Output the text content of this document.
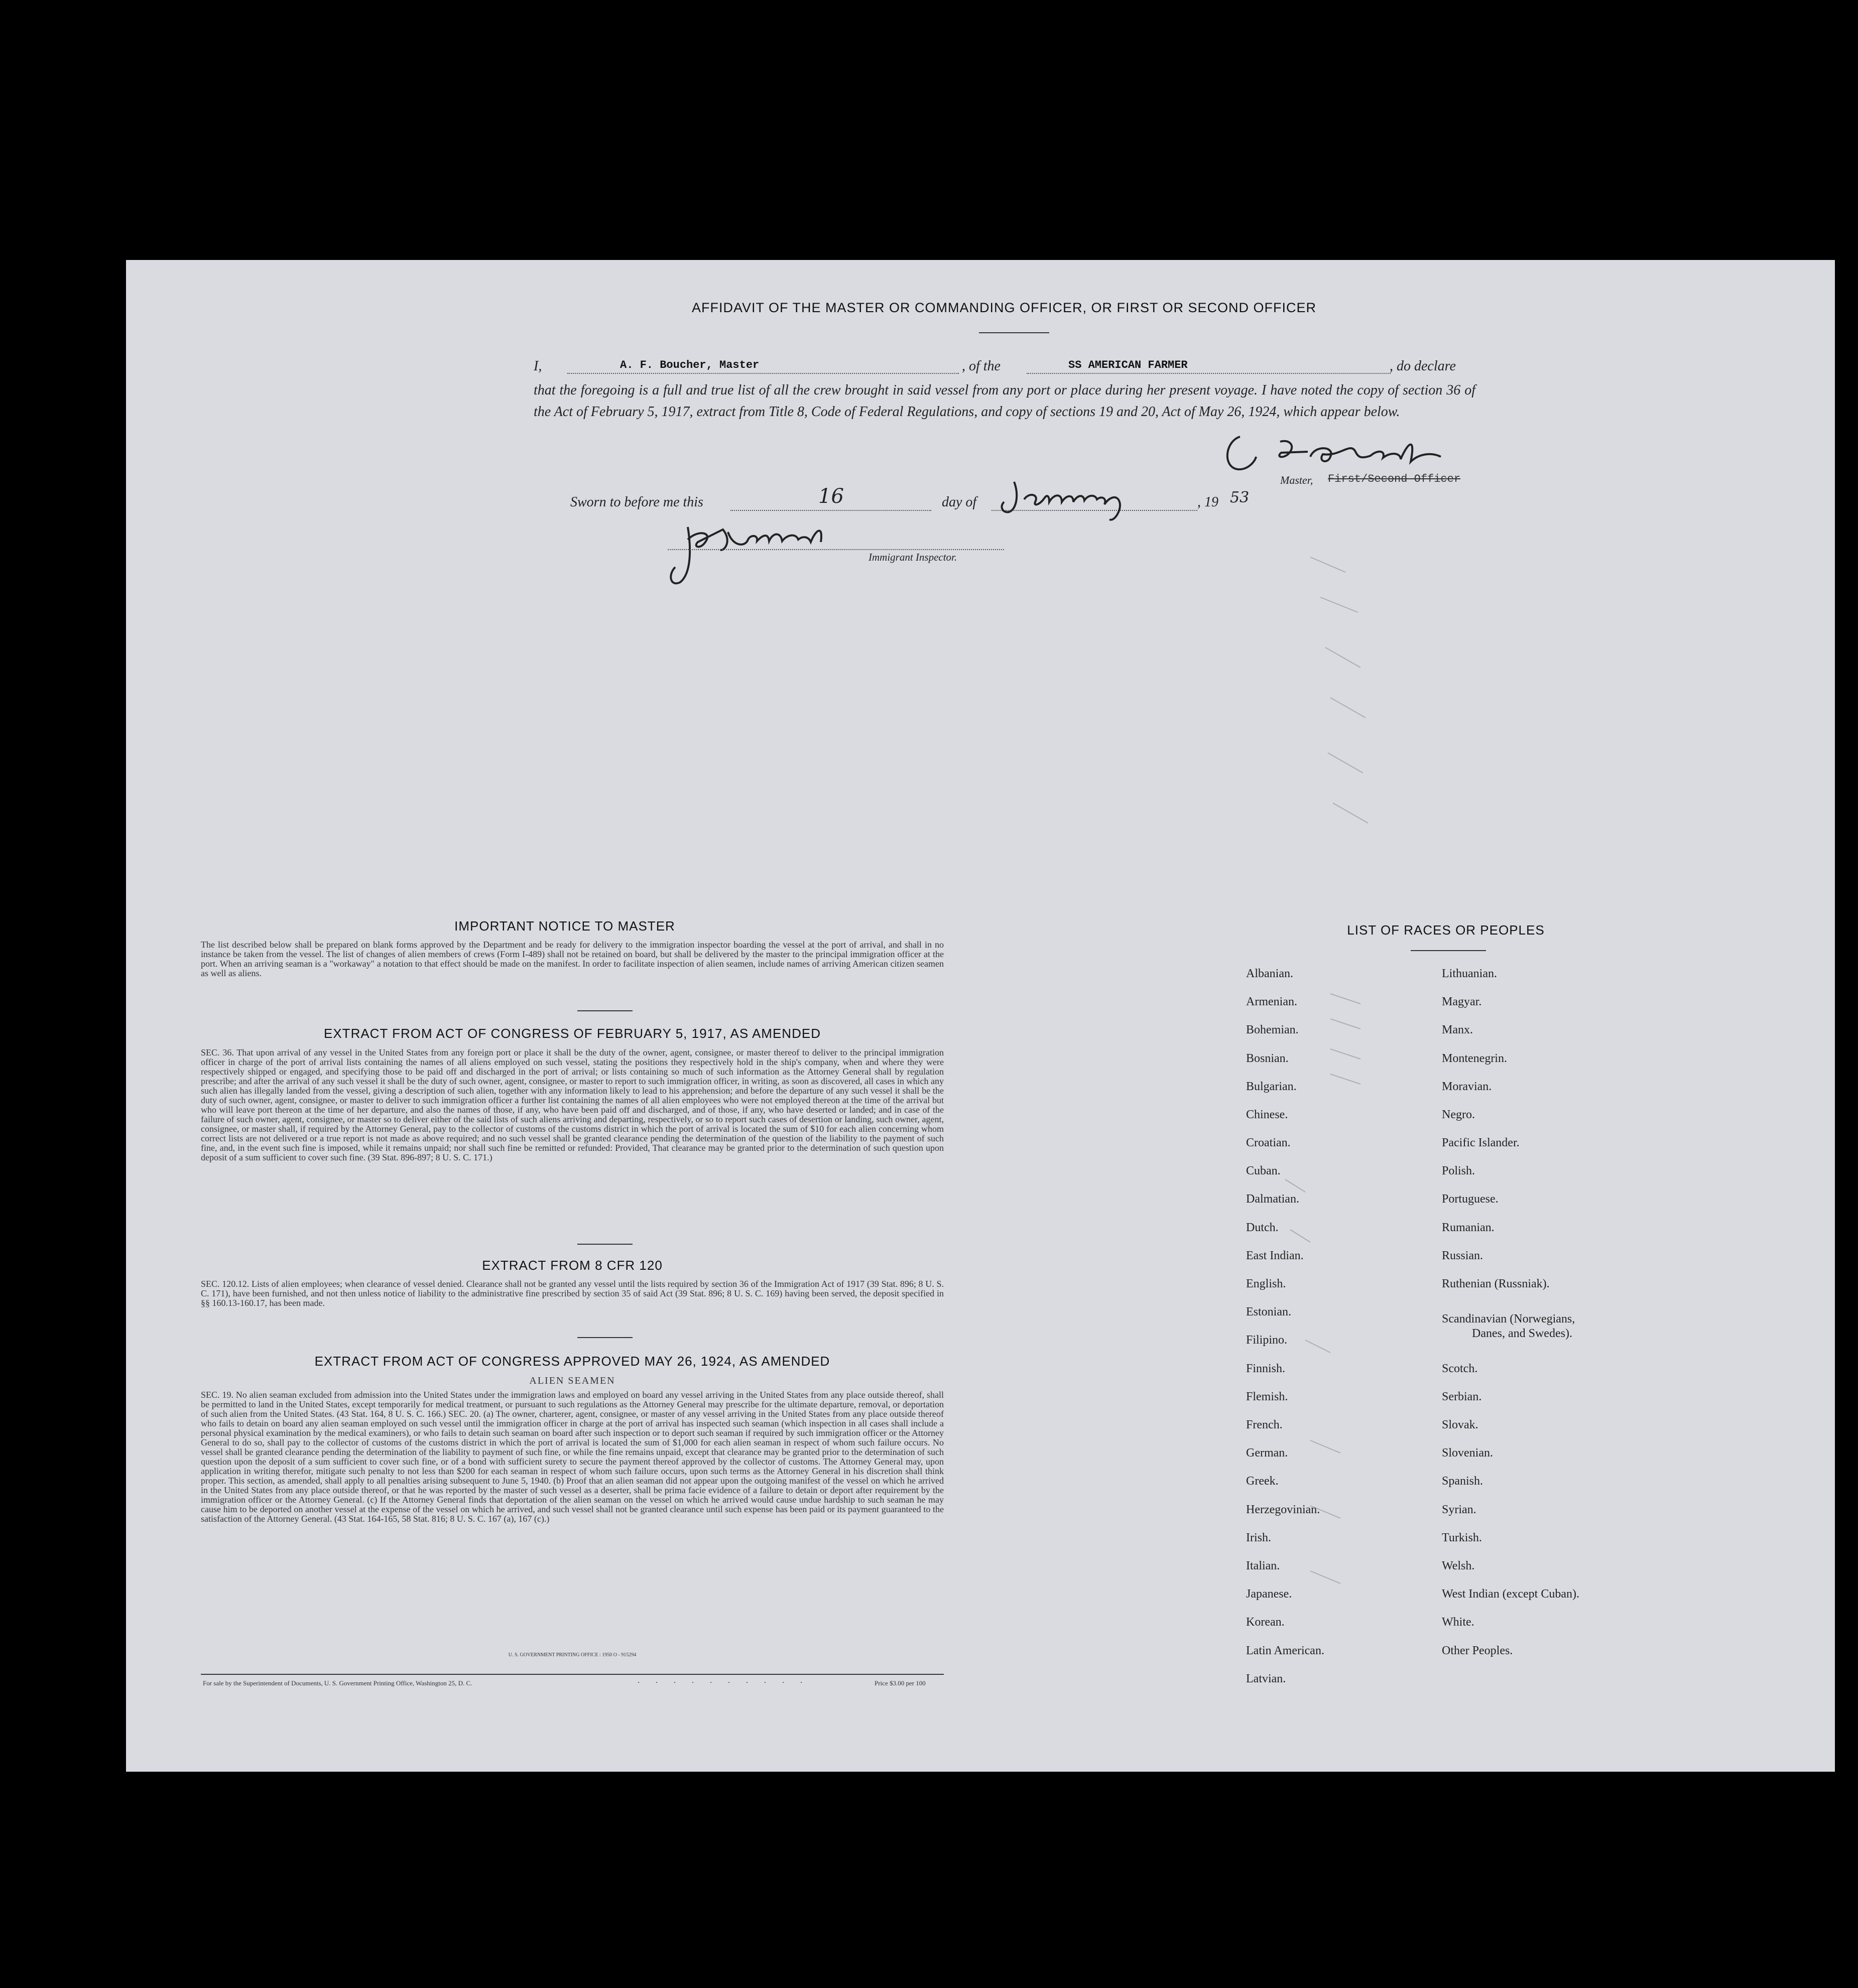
AFFIDAVIT OF THE MASTER OR COMMANDING OFFICER, OR FIRST OR SECOND OFFICER
I,	A. F. Boucher, Master	, of the	SS AMERICAN FARMER	, do declare
that the foregoing is a full and true list of all the crew brought in said vessel from any port or place during her present voyage. I have noted the copy of section 36 of the Act of February 5, 1917, extract from Title 8, Code of Federal Regulations, and copy of sections 19 and 20, Act of May 26, 1924, which appear below.
Master, First/Second Officer
Sworn to before me this	16	day of	, 19 53
Immigrant Inspector.
IMPORTANT NOTICE TO MASTER
The list described below shall be prepared on blank forms approved by the Department and be ready for delivery to the immigration inspector boarding the vessel at the port of arrival, and shall in no instance be taken from the vessel. The list of changes of alien members of crews (Form I-489) shall not be retained on board, but shall be delivered by the master to the principal immigration officer at the port. When an arriving seaman is a "workaway" a notation to that effect should be made on the manifest. In order to facilitate inspection of alien seamen, include names of arriving American citizen seamen as well as aliens.
EXTRACT FROM ACT OF CONGRESS OF FEBRUARY 5, 1917, AS AMENDED
SEC. 36. That upon arrival of any vessel in the United States from any foreign port or place it shall be the duty of the owner, agent, consignee, or master thereof to deliver to the principal immigration officer in charge of the port of arrival lists containing the names of all aliens employed on such vessel, stating the positions they respectively hold in the ship's company, when and where they were respectively shipped or engaged, and specifying those to be paid off and discharged in the port of arrival; or lists containing so much of such information as the Attorney General shall by regulation prescribe; and after the arrival of any such vessel it shall be the duty of such owner, agent, consignee, or master to report to such immigration officer, in writing, as soon as discovered, all cases in which any such alien has illegally landed from the vessel, giving a description of such alien, together with any information likely to lead to his apprehension; and before the departure of any such vessel it shall be the duty of such owner, agent, consignee, or master to deliver to such immigration officer a further list containing the names of all alien employees who were not employed thereon at the time of the arrival but who will leave port thereon at the time of her departure, and also the names of those, if any, who have been paid off and discharged, and of those, if any, who have deserted or landed; and in case of the failure of such owner, agent, consignee, or master so to deliver either of the said lists of such aliens arriving and departing, respectively, or so to report such cases of desertion or landing, such owner, agent, consignee, or master shall, if required by the Attorney General, pay to the collector of customs of the customs district in which the port of arrival is located the sum of $10 for each alien concerning whom correct lists are not delivered or a true report is not made as above required; and no such vessel shall be granted clearance pending the determination of the question of the liability to the payment of such fine, and, in the event such fine is imposed, while it remains unpaid; nor shall such fine be remitted or refunded: Provided, That clearance may be granted prior to the determination of such question upon deposit of a sum sufficient to cover such fine. (39 Stat. 896-897; 8 U. S. C. 171.)
EXTRACT FROM 8 CFR 120
SEC. 120.12. Lists of alien employees; when clearance of vessel denied. Clearance shall not be granted any vessel until the lists required by section 36 of the Immigration Act of 1917 (39 Stat. 896; 8 U. S. C. 171), have been furnished, and not then unless notice of liability to the administrative fine prescribed by section 35 of said Act (39 Stat. 896; 8 U. S. C. 169) having been served, the deposit specified in §§ 160.13-160.17, has been made.
EXTRACT FROM ACT OF CONGRESS APPROVED MAY 26, 1924, AS AMENDED
ALIEN SEAMEN
SEC. 19. No alien seaman excluded from admission into the United States under the immigration laws and employed on board any vessel arriving in the United States from any place outside thereof, shall be permitted to land in the United States, except temporarily for medical treatment, or pursuant to such regulations as the Attorney General may prescribe for the ultimate departure, removal, or deportation of such alien from the United States. (43 Stat. 164, 8 U. S. C. 166.) SEC. 20. (a) The owner, charterer, agent, consignee, or master of any vessel arriving in the United States from any place outside thereof who fails to detain on board any alien seaman employed on such vessel until the immigration officer in charge at the port of arrival has inspected such seaman (which inspection in all cases shall include a personal physical examination by the medical examiners), or who fails to detain such seaman on board after such inspection or to deport such seaman if required by such immigration officer or the Attorney General to do so, shall pay to the collector of customs of the customs district in which the port of arrival is located the sum of $1,000 for each alien seaman in respect of whom such failure occurs. No vessel shall be granted clearance pending the determination of the liability to payment of such fine, or while the fine remains unpaid, except that clearance may be granted prior to the determination of such question upon the deposit of a sum sufficient to cover such fine, or of a bond with sufficient surety to secure the payment thereof approved by the collector of customs. The Attorney General may, upon application in writing therefor, mitigate such penalty to not less than $200 for each seaman in respect of whom such failure occurs, upon such terms as the Attorney General in his discretion shall think proper. This section, as amended, shall apply to all penalties arising subsequent to June 5, 1940. (b) Proof that an alien seaman did not appear upon the outgoing manifest of the vessel on which he arrived in the United States from any place outside thereof, or that he was reported by the master of such vessel as a deserter, shall be prima facie evidence of a failure to detain or deport after requirement by the immigration officer or the Attorney General. (c) If the Attorney General finds that deportation of the alien seaman on the vessel on which he arrived would cause undue hardship to such seaman he may cause him to be deported on another vessel at the expense of the vessel on which he arrived, and such vessel shall not be granted clearance until such expense has been paid or its payment guaranteed to the satisfaction of the Attorney General. (43 Stat. 164-165, 58 Stat. 816; 8 U. S. C. 167 (a), 167 (c).)
U. S. GOVERNMENT PRINTING OFFICE : 1950 O - 915294
For sale by the Superintendent of Documents, U. S. Government Printing Office, Washington 25, D. C.	. . . . . . . . . .	Price $3.00 per 100
LIST OF RACES OR PEOPLES
Albanian.
Armenian.
Bohemian.
Bosnian.
Bulgarian.
Chinese.
Croatian.
Cuban.
Dalmatian.
Dutch.
East Indian.
English.
Estonian.
Filipino.
Finnish.
Flemish.
French.
German.
Greek.
Herzegovinian.
Irish.
Italian.
Japanese.
Korean.
Latin American.
Latvian.
Lithuanian.
Magyar.
Manx.
Montenegrin.
Moravian.
Negro.
Pacific Islander.
Polish.
Portuguese.
Rumanian.
Russian.
Ruthenian (Russniak).
Scandinavian (Norwegians,
Danes, and Swedes).
Scotch.
Serbian.
Slovak.
Slovenian.
Spanish.
Syrian.
Turkish.
Welsh.
West Indian (except Cuban).
White.
Other Peoples.
